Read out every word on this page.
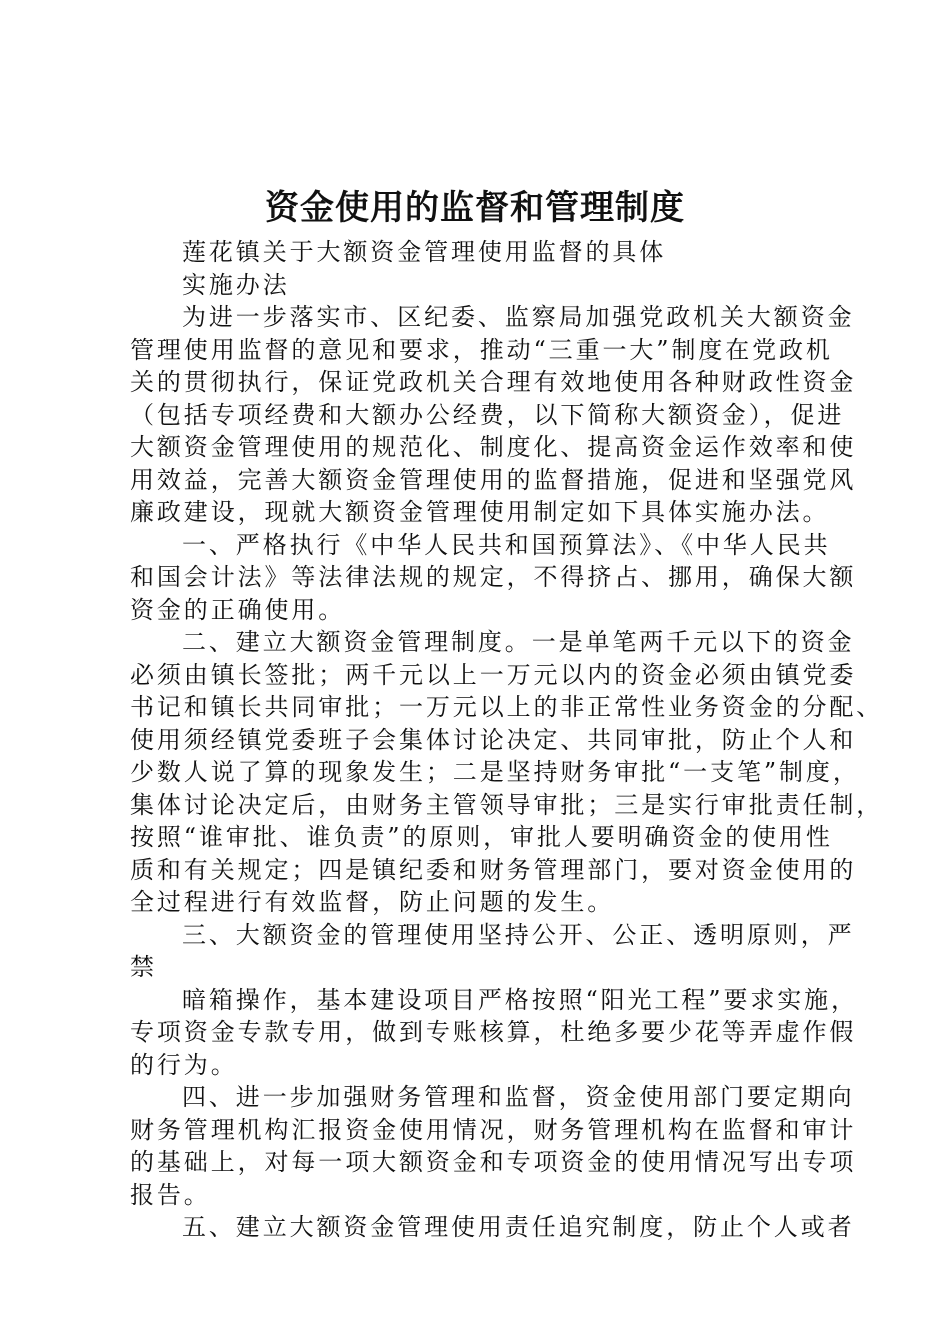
资金使用的监督和管理制度
莲花镇关于大额资金管理使用监督的具体
实施办法
为进一步落实市、区纪委、监察局加强党政机关大额资金
管理使用监督的意见和要求，推动“三重一大”制度在党政机
关的贯彻执行，保证党政机关合理有效地使用各种财政性资金
（包括专项经费和大额办公经费，以下简称大额资金），促进
大额资金管理使用的规范化、制度化、提高资金运作效率和使
用效益，完善大额资金管理使用的监督措施，促进和坚强党风
廉政建设，现就大额资金管理使用制定如下具体实施办法。
一、严格执行《中华人民共和国预算法》、《中华人民共
和国会计法》等法律法规的规定，不得挤占、挪用，确保大额
资金的正确使用。
二、建立大额资金管理制度。一是单笔两千元以下的资金
必须由镇长签批；两千元以上一万元以内的资金必须由镇党委
书记和镇长共同审批；一万元以上的非正常性业务资金的分配、
使用须经镇党委班子会集体讨论决定、共同审批，防止个人和
少数人说了算的现象发生；二是坚持财务审批“一支笔”制度，
集体讨论决定后，由财务主管领导审批；三是实行审批责任制，
按照“谁审批、谁负责”的原则，审批人要明确资金的使用性
质和有关规定；四是镇纪委和财务管理部门，要对资金使用的
全过程进行有效监督，防止问题的发生。
三、大额资金的管理使用坚持公开、公正、透明原则，严
禁
暗箱操作，基本建设项目严格按照“阳光工程”要求实施，
专项资金专款专用，做到专账核算，杜绝多要少花等弄虚作假
的行为。
四、进一步加强财务管理和监督，资金使用部门要定期向
财务管理机构汇报资金使用情况，财务管理机构在监督和审计
的基础上，对每一项大额资金和专项资金的使用情况写出专项
报告。
五、建立大额资金管理使用责任追究制度，防止个人或者
